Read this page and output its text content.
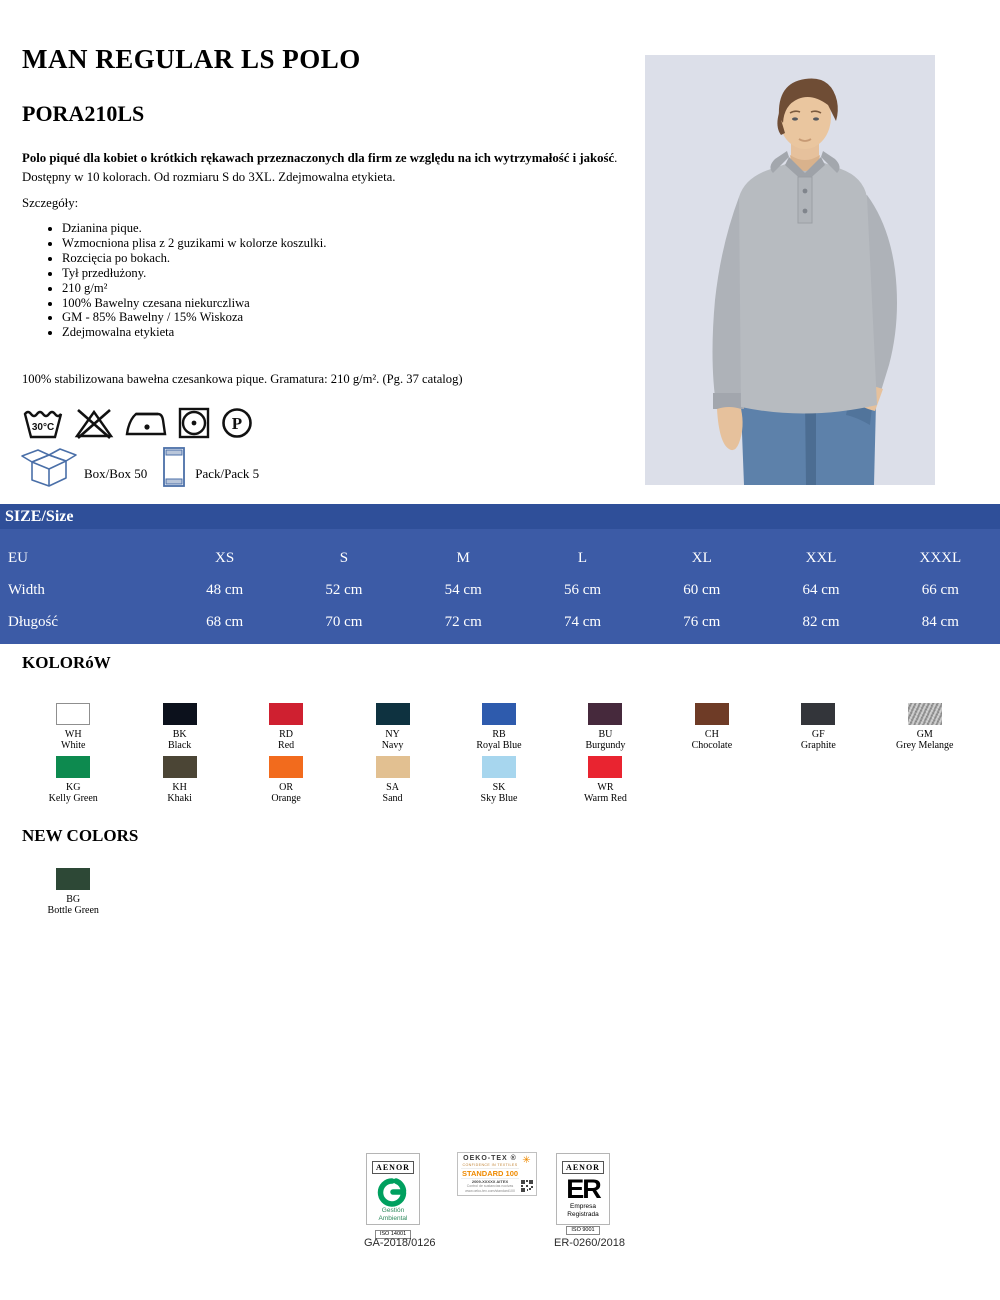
MAN REGULAR LS POLO
PORA210LS

Polo piqué dla kobiet o krótkich rękawach przeznaczonych dla firm ze względu na ich wytrzymałość i jakość. Dostępny w 10 kolorach. Od rozmiaru S do 3XL. Zdejmowalna etykieta.

Szczegóły:

• Dzianina pique.
• Wzmocniona plisa z 2 guzikami w kolorze koszulki.
• Rozcięcia po bokach.
• Tył przedłużony.
• 210 g/m²
• 100% Bawelny czesana niekurczliwa
• GM - 85% Bawelny / 15% Wiskoza
• Zdejmowalna etykieta

100% stabilizowana bawełna czesankowa pique. Gramatura: 210 g/m². (Pg. 37 catalog)

30°C	P
Box/Box 50	Pack/Pack 5
SIZE/Size
EU	XS	S	M	L	XL	XXL	XXXL
Width	48 cm	52 cm	54 cm	56 cm	60 cm	64 cm	66 cm
Długość	68 cm	70 cm	72 cm	74 cm	76 cm	82 cm	84 cm
KOLORóW
WH
White
BK
Black
RD
Red
NY
Navy
RB
Royal Blue
BU
Burgundy
CH
Chocolate
GF
Graphite
GM
Grey Melange
KG
Kelly Green
KH
Khaki
OR
Orange
SA
Sand
SK
Sky Blue
WR
Warm Red
NEW COLORS
BG
Bottle Green
AENOR
Gestión
Ambiental
ISO 14001
OEKO-TEX ®
CONFIDENCE IN TEXTILES
STANDARD 100
2009-XXXXX AITEX
Control de sustancias nocivas
www.oeko-tex.com/standard100
✳
AENOR
ER
Empresa
Registrada
ISO 9001
GA-2018/0126	ER-0260/2018
